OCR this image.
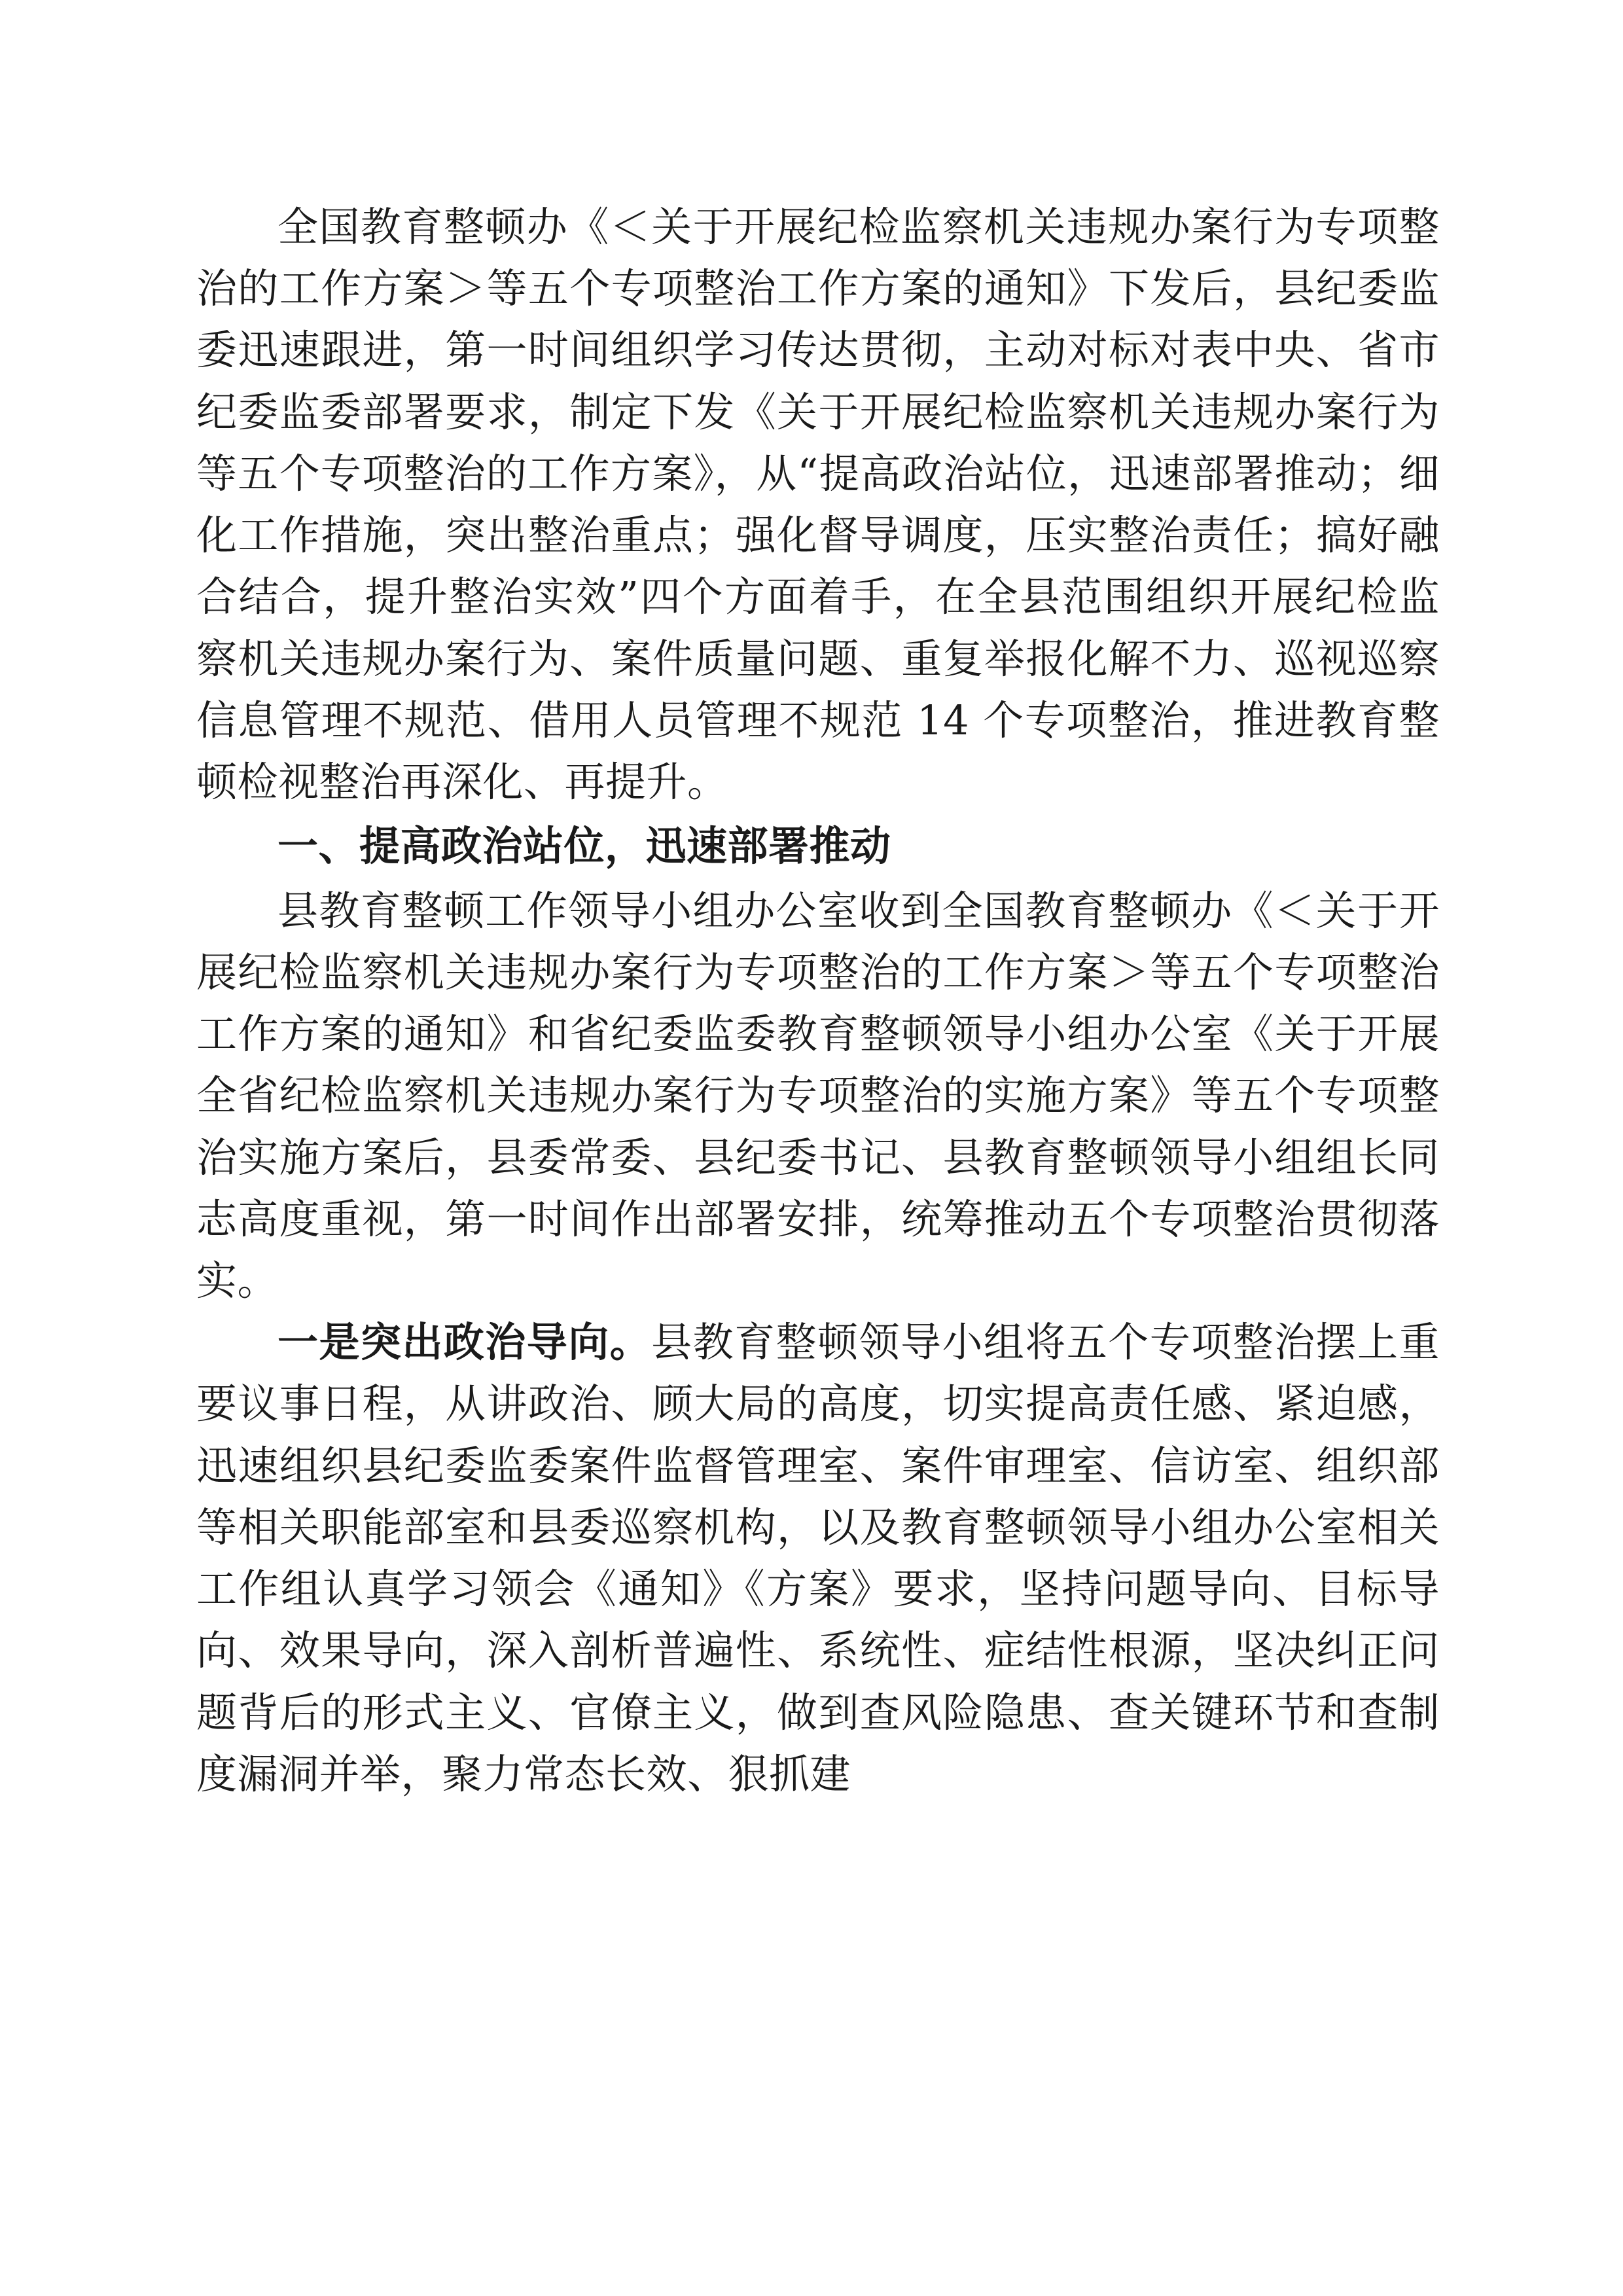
全国教育整顿办《＜关于开展纪检监察机关违规办案行为专项整治的工作方案＞等五个专项整治工作方案的通知》下发后，县纪委监委迅速跟进，第一时间组织学习传达贯彻，主动对标对表中央、省市纪委监委部署要求，制定下发《关于开展纪检监察机关违规办案行为等五个专项整治的工作方案》，从“提高政治站位，迅速部署推动；细化工作措施，突出整治重点；强化督导调度，压实整治责任；搞好融合结合，提升整治实效”四个方面着手，在全县范围组织开展纪检监察机关违规办案行为、案件质量问题、重复举报化解不力、巡视巡察信息管理不规范、借用人员管理不规范 14 个专项整治，推进教育整顿检视整治再深化、再提升。

一、提高政治站位，迅速部署推动

县教育整顿工作领导小组办公室收到全国教育整顿办《＜关于开展纪检监察机关违规办案行为专项整治的工作方案＞等五个专项整治工作方案的通知》和省纪委监委教育整顿领导小组办公室《关于开展全省纪检监察机关违规办案行为专项整治的实施方案》等五个专项整治实施方案后，县委常委、县纪委书记、县教育整顿领导小组组长同志高度重视，第一时间作出部署安排，统筹推动五个专项整治贯彻落实。

一是突出政治导向。县教育整顿领导小组将五个专项整治摆上重要议事日程，从讲政治、顾大局的高度，切实提高责任感、紧迫感，迅速组织县纪委监委案件监督管理室、案件审理室、信访室、组织部等相关职能部室和县委巡察机构，以及教育整顿领导小组办公室相关工作组认真学习领会《通知》《方案》要求，坚持问题导向、目标导向、效果导向，深入剖析普遍性、系统性、症结性根源，坚决纠正问题背后的形式主义、官僚主义，做到查风险隐患、查关键环节和查制度漏洞并举，聚力常态长效、狠抓建
